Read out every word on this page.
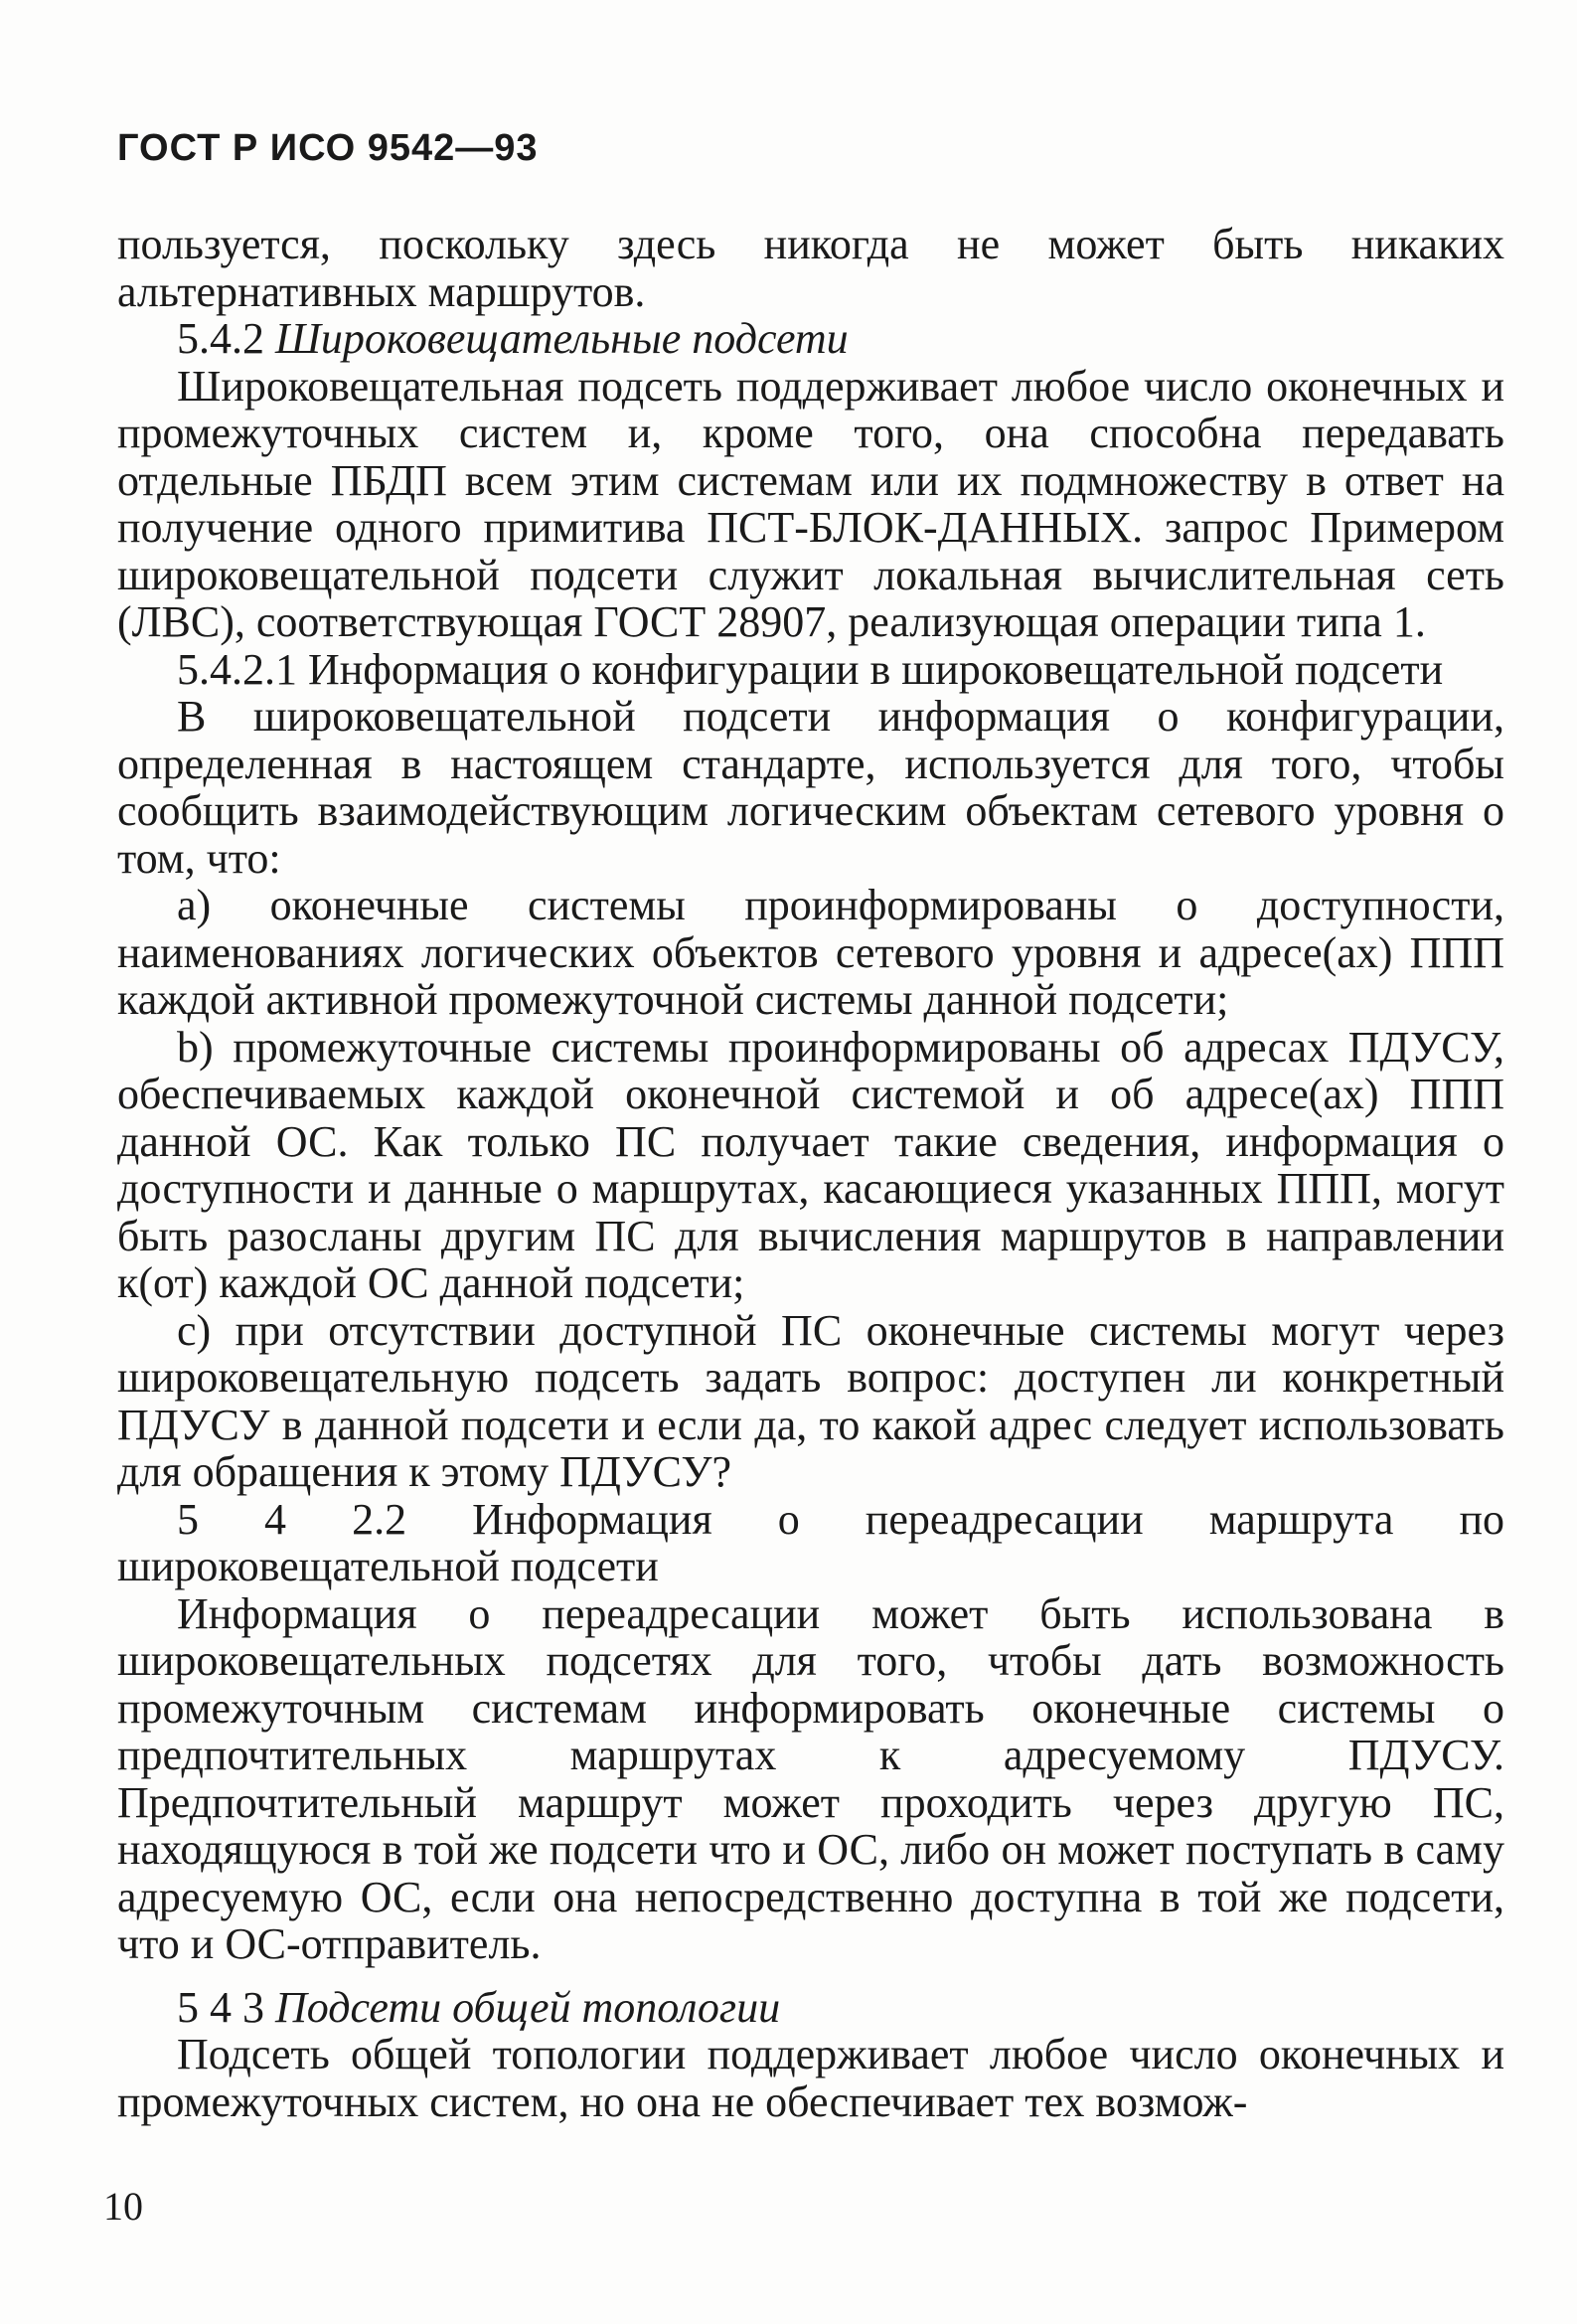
ГОСТ Р ИСО 9542—93

пользуется, поскольку здесь никогда не может быть никаких альтернативных маршрутов.

5.4.2 Широковещательные подсети

Широковещательная подсеть поддерживает любое число оконечных и промежуточных систем и, кроме того, она способна передавать отдельные ПБДП всем этим системам или их подмножеству в ответ на получение одного примитива ПСТ-БЛОК-ДАННЫХ. запрос Примером широковещательной подсети служит локальная вычислительная сеть (ЛВС), соответствующая ГОСТ 28907, реализующая операции типа 1.

5.4.2.1 Информация о конфигурации в широковещательной подсети

В широковещательной подсети информация о конфигурации, определенная в настоящем стандарте, используется для того, чтобы сообщить взаимодействующим логическим объектам сетевого уровня о том, что:

а) оконечные системы проинформированы о доступности, наименованиях логических объектов сетевого уровня и адресе(ах) ППП каждой активной промежуточной системы данной подсети;

b) промежуточные системы проинформированы об адресах ПДУСУ, обеспечиваемых каждой оконечной системой и об адресе(ах) ППП данной ОС. Как только ПС получает такие сведения, информация о доступности и данные о маршрутах, касающиеся указанных ППП, могут быть разосланы другим ПС для вычисления маршрутов в направлении к(от) каждой ОС данной подсети;

с) при отсутствии доступной ПС оконечные системы могут через широковещательную подсеть задать вопрос: доступен ли конкретный ПДУСУ в данной подсети и если да, то какой адрес следует использовать для обращения к этому ПДУСУ?

5 4 2.2 Информация о переадресации маршрута по широковещательной подсети

Информация о переадресации может быть использована в широковещательных подсетях для того, чтобы дать возможность промежуточным системам информировать оконечные системы о предпочтительных маршрутах к адресуемому ПДУСУ. Предпочтительный маршрут может проходить через другую ПС, находящуюся в той же подсети что и ОС, либо он может поступать в саму адресуемую ОС, если она непосредственно доступна в той же подсети, что и ОС-отправитель.

5 4 3 Подсети общей топологии

Подсеть общей топологии поддерживает любое число оконечных и промежуточных систем, но она не обеспечивает тех возмож-

10
